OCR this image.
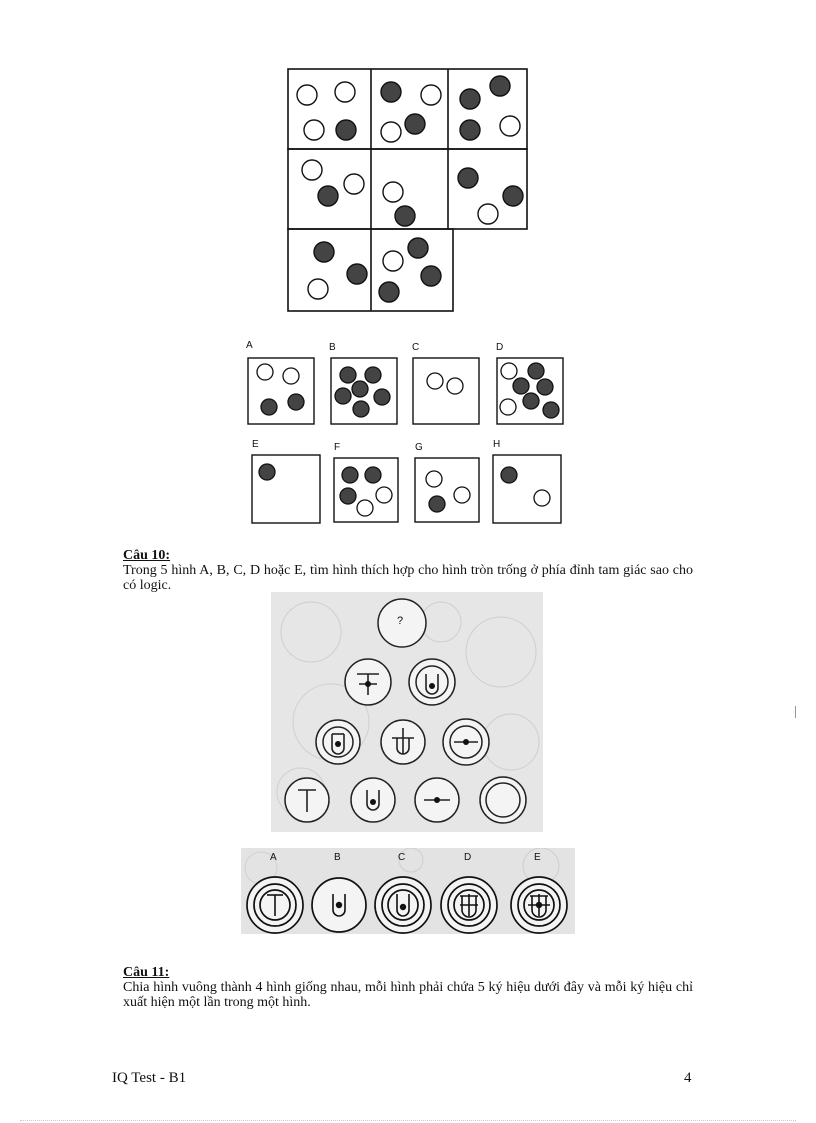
A	B	C	D
E	F	G	H
Câu 10:
Trong 5 hình A, B, C, D hoặc E, tìm hình thích hợp cho hình tròn trống ở phía đỉnh tam giác sao cho có logic.
?
A	B	C	D	E
Câu 11:
Chia hình vuông thành 4 hình giống nhau, mỗi hình phải chứa 5 ký hiệu dưới đây và mỗi ký hiệu chỉ xuất hiện một lần trong một hình.
IQ Test - B1	4
